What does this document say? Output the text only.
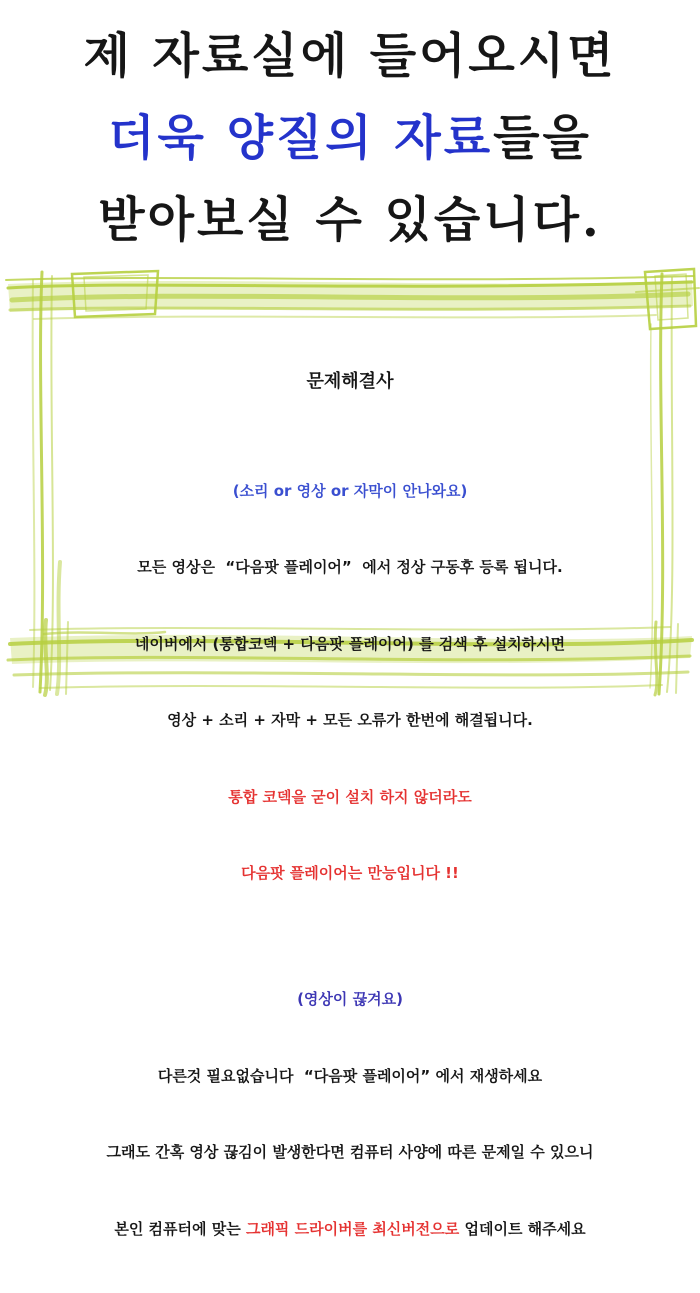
제 자료실에 들어오시면
더욱 양질의 자료들을
받아보실 수 있습니다.

문제해결사

(소리 or 영상 or 자막이 안나와요)

모든 영상은  “다음팟 플레이어”  에서 정상 구동후 등록 됩니다.

네이버에서 (통합코덱 + 다음팟 플레이어) 를 검색 후 설치하시면

영상 + 소리 + 자막 + 모든 오류가 한번에 해결됩니다.

통합 코덱을 굳이 설치 하지 않더라도

다음팟 플레이어는 만능입니다 !!

(영상이 끊겨요)

다른것 필요없습니다  “다음팟 플레이어” 에서 재생하세요

그래도 간혹 영상 끊김이 발생한다면 컴퓨터 사양에 따른 문제일 수 있으니

본인 컴퓨터에 맞는 그래픽 드라이버를 최신버전으로 업데이트 해주세요
